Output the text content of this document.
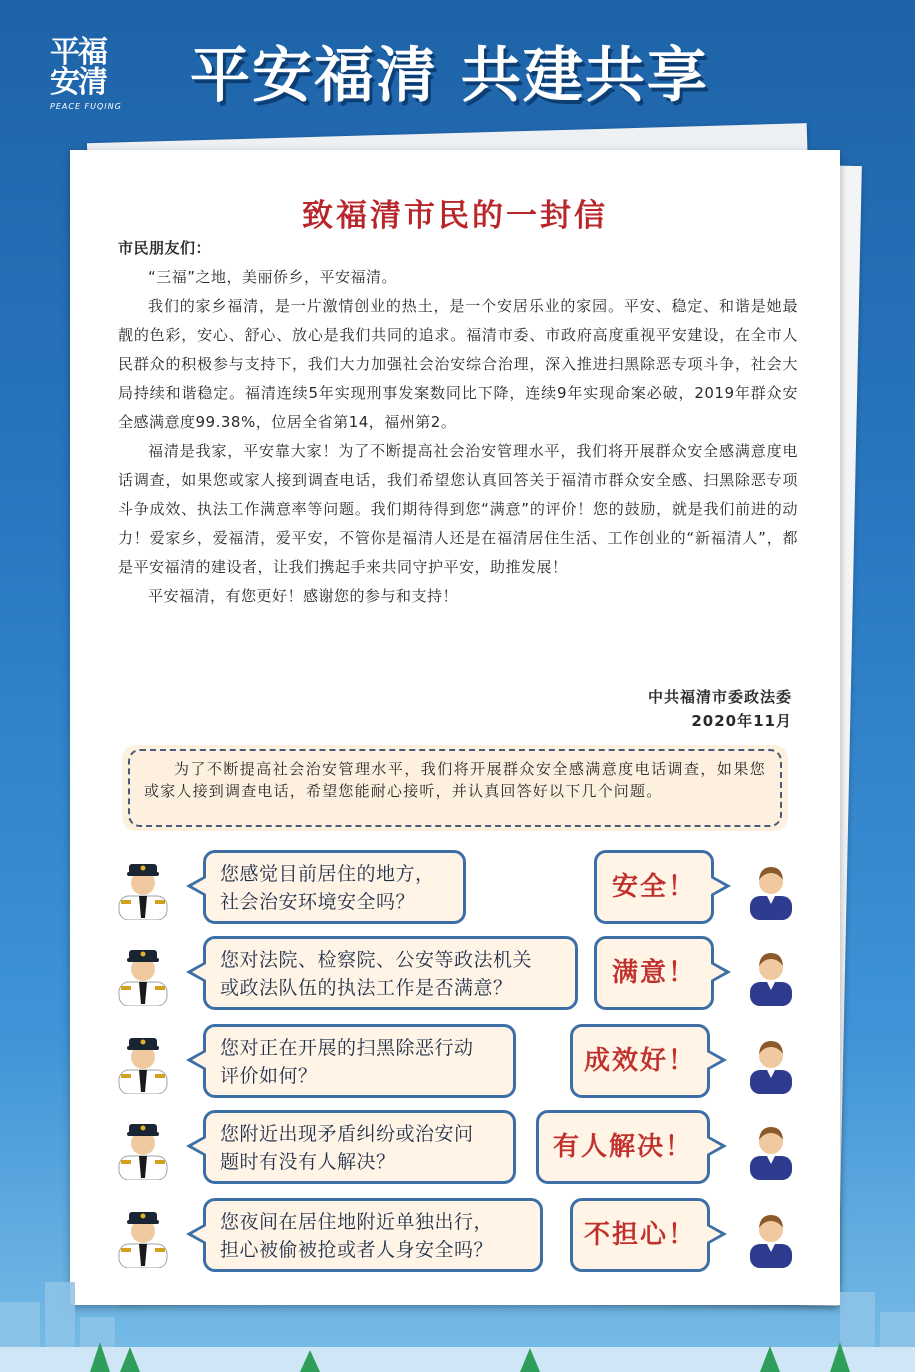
平福
安清
PEACE FUQING 平安福清 共建共享
致福清市民的一封信

市民朋友们：

“三福”之地，美丽侨乡，平安福清。

我们的家乡福清，是一片激情创业的热土，是一个安居乐业的家园。平安、稳定、和谐是她最靓的色彩，安心、舒心、放心是我们共同的追求。福清市委、市政府高度重视平安建设，在全市人民群众的积极参与支持下，我们大力加强社会治安综合治理，深入推进扫黑除恶专项斗争，社会大局持续和谐稳定。福清连续5年实现刑事发案数同比下降，连续9年实现命案必破，2019年群众安全感满意度99.38%，位居全省第14，福州第2。

福清是我家，平安靠大家！为了不断提高社会治安管理水平，我们将开展群众安全感满意度电话调查，如果您或家人接到调查电话，我们希望您认真回答关于福清市群众安全感、扫黑除恶专项斗争成效、执法工作满意率等问题。我们期待得到您“满意”的评价！您的鼓励，就是我们前进的动力！爱家乡，爱福清，爱平安，不管你是福清人还是在福清居住生活、工作创业的“新福清人”，都是平安福清的建设者，让我们携起手来共同守护平安，助推发展！

平安福清，有您更好！感谢您的参与和支持！

中共福清市委政法委
2020年11月
为了不断提高社会治安管理水平，我们将开展群众安全感满意度电话调查，如果您或家人接到调查电话，希望您能耐心接听，并认真回答好以下几个问题。
您感觉目前居住的地方，
社会治安环境安全吗？	安全！
您对法院、检察院、公安等政法机关
或政法队伍的执法工作是否满意？	满意！
您对正在开展的扫黑除恶行动
评价如何？	成效好！
您附近出现矛盾纠纷或治安问
题时有没有人解决？	有人解决！
您夜间在居住地附近单独出行，
担心被偷被抢或者人身安全吗？	不担心！
